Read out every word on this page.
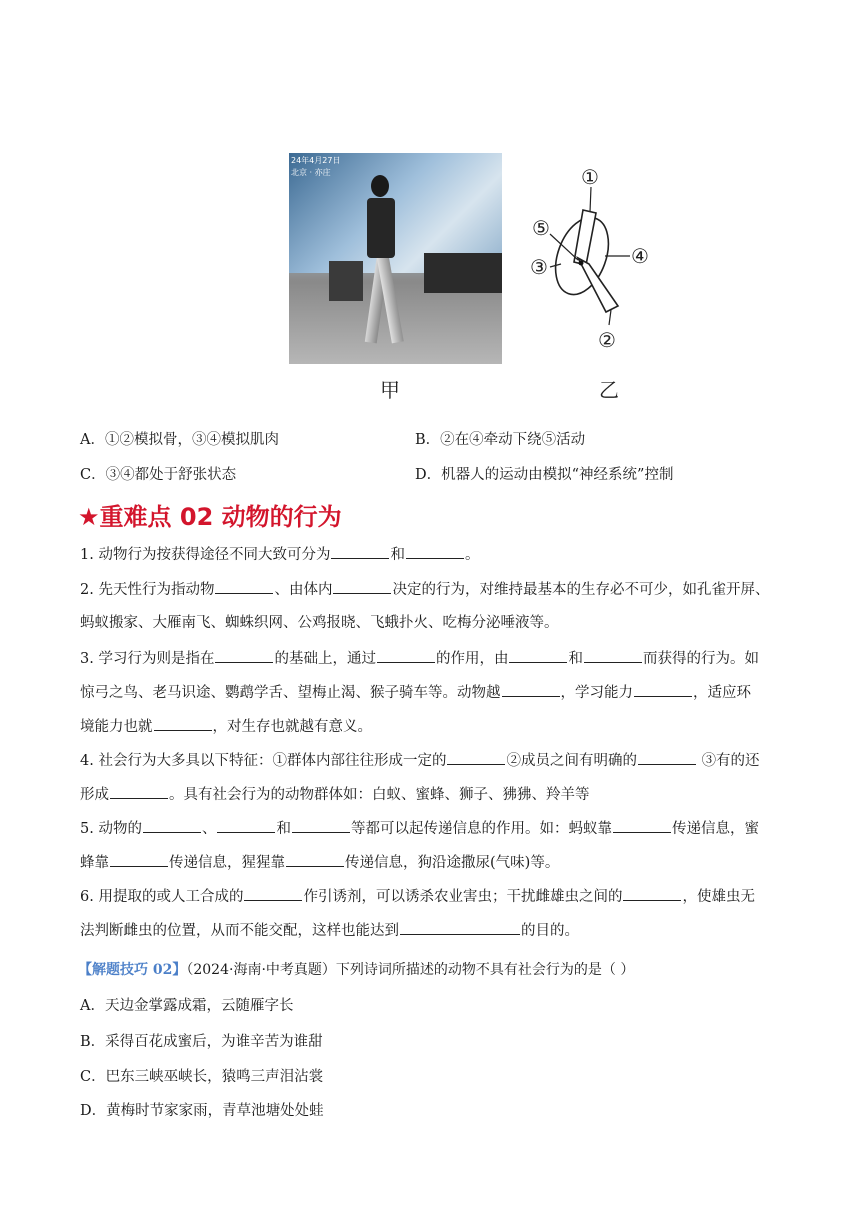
24年4月27日
北京 · 亦庄
甲
①
②
③	④
⑤
乙
A．①②模拟骨，③④模拟肌肉	B．②在④牵动下绕⑤活动
C．③④都处于舒张状态	D．机器人的运动由模拟“神经系统”控制
★重难点 02 动物的行为
1. 动物行为按获得途径不同大致可分为	和	。
2. 先天性行为指动物	、由体内	决定的行为，对维持最基本的生存必不可少，如孔雀开屏、
蚂蚁搬家、大雁南飞、蜘蛛织网、公鸡报晓、飞蛾扑火、吃梅分泌唾液等。
3. 学习行为则是指在	的基础上，通过	的作用，由	和	而获得的行为。如
惊弓之鸟、老马识途、鹦鹉学舌、望梅止渴、猴子骑车等。动物越	，学习能力	，适应环
境能力也就	，对生存也就越有意义。
4. 社会行为大多具以下特征：①群体内部往往形成一定的	②成员之间有明确的	③有的还
形成	。具有社会行为的动物群体如：白蚁、蜜蜂、狮子、狒狒、羚羊等
5. 动物的	、	和	等都可以起传递信息的作用。如：蚂蚁靠	传递信息，蜜
蜂靠	传递信息，猩猩靠	传递信息，狗沿途撒尿(气味)等。
6. 用提取的或人工合成的	作引诱剂，可以诱杀农业害虫；干扰雌雄虫之间的	，使雄虫无
法判断雌虫的位置，从而不能交配，这样也能达到	的目的。
【解题技巧 02】（2024·海南·中考真题）下列诗词所描述的动物不具有社会行为的是（ ）
A．天边金掌露成霜，云随雁字长
B．采得百花成蜜后，为谁辛苦为谁甜
C．巴东三峡巫峡长，猿鸣三声泪沾裳
D．黄梅时节家家雨，青草池塘处处蛙
